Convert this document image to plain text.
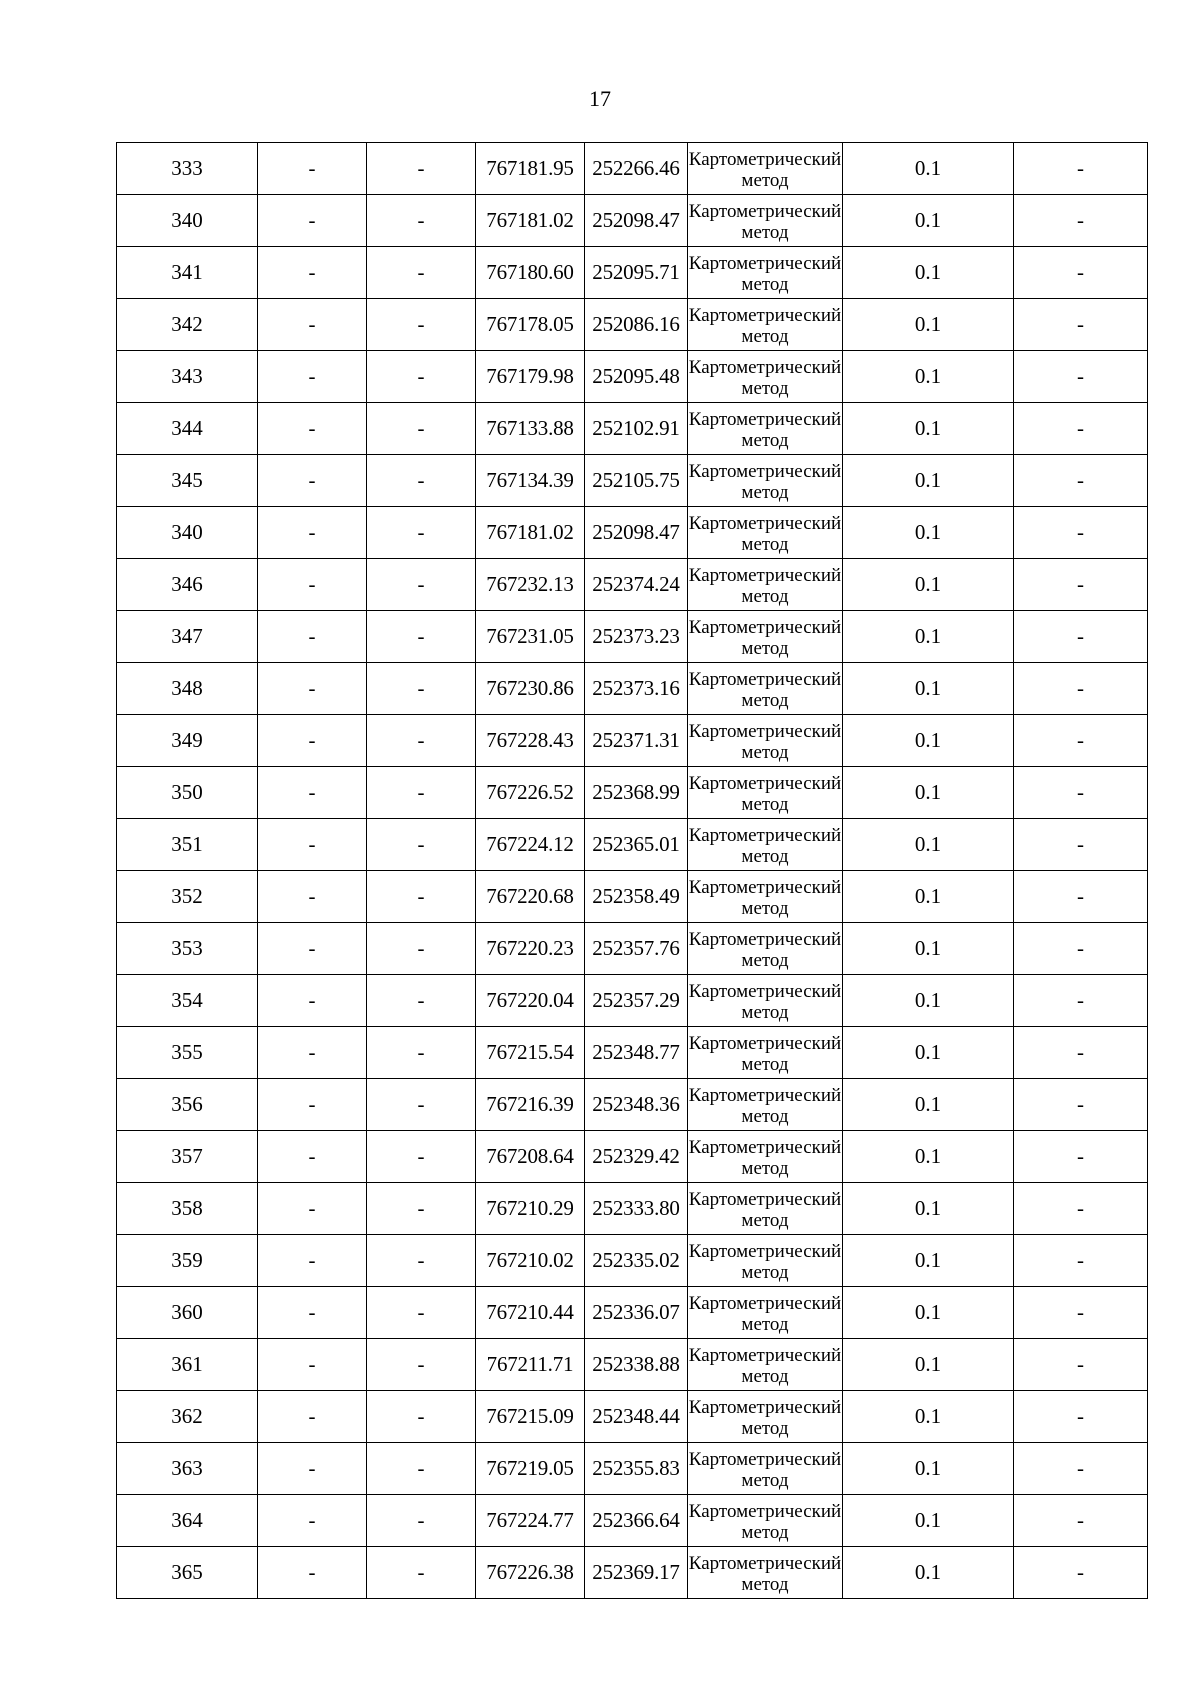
17
333	-	-	767181.95	252266.46	Картометрический метод	0.1	-
340	-	-	767181.02	252098.47	Картометрический метод	0.1	-
341	-	-	767180.60	252095.71	Картометрический метод	0.1	-
342	-	-	767178.05	252086.16	Картометрический метод	0.1	-
343	-	-	767179.98	252095.48	Картометрический метод	0.1	-
344	-	-	767133.88	252102.91	Картометрический метод	0.1	-
345	-	-	767134.39	252105.75	Картометрический метод	0.1	-
340	-	-	767181.02	252098.47	Картометрический метод	0.1	-
346	-	-	767232.13	252374.24	Картометрический метод	0.1	-
347	-	-	767231.05	252373.23	Картометрический метод	0.1	-
348	-	-	767230.86	252373.16	Картометрический метод	0.1	-
349	-	-	767228.43	252371.31	Картометрический метод	0.1	-
350	-	-	767226.52	252368.99	Картометрический метод	0.1	-
351	-	-	767224.12	252365.01	Картометрический метод	0.1	-
352	-	-	767220.68	252358.49	Картометрический метод	0.1	-
353	-	-	767220.23	252357.76	Картометрический метод	0.1	-
354	-	-	767220.04	252357.29	Картометрический метод	0.1	-
355	-	-	767215.54	252348.77	Картометрический метод	0.1	-
356	-	-	767216.39	252348.36	Картометрический метод	0.1	-
357	-	-	767208.64	252329.42	Картометрический метод	0.1	-
358	-	-	767210.29	252333.80	Картометрический метод	0.1	-
359	-	-	767210.02	252335.02	Картометрический метод	0.1	-
360	-	-	767210.44	252336.07	Картометрический метод	0.1	-
361	-	-	767211.71	252338.88	Картометрический метод	0.1	-
362	-	-	767215.09	252348.44	Картометрический метод	0.1	-
363	-	-	767219.05	252355.83	Картометрический метод	0.1	-
364	-	-	767224.77	252366.64	Картометрический метод	0.1	-
365	-	-	767226.38	252369.17	Картометрический метод	0.1	-
